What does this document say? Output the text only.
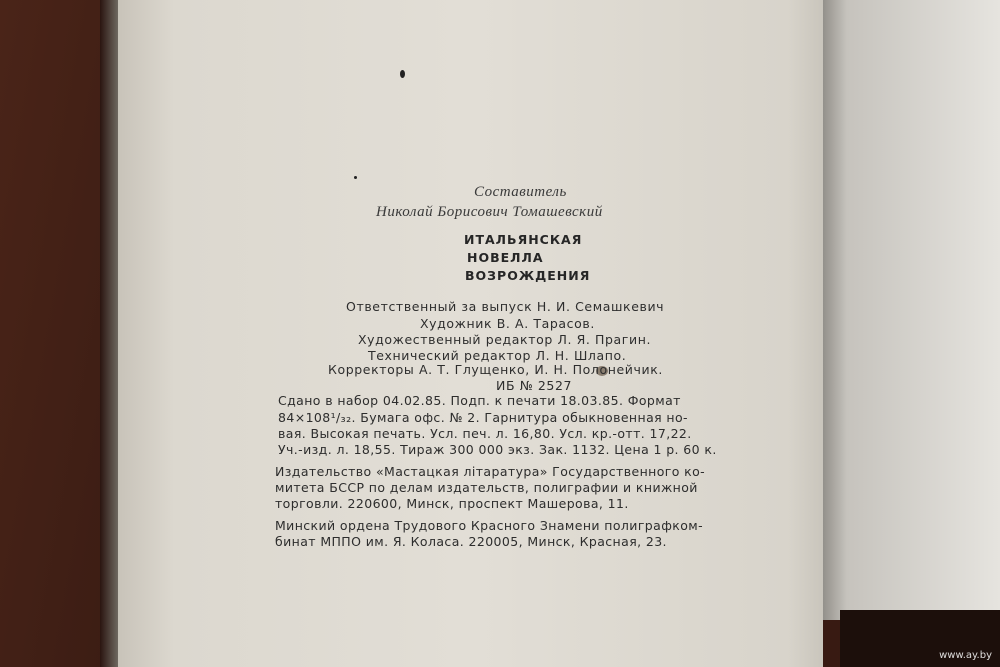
Составитель
Николай Борисович Томашевский
ИТАЛЬЯНСКАЯ
НОВЕЛЛА
ВОЗРОЖДЕНИЯ
Ответственный за выпуск Н. И. Семашкевич
Художник В. А. Тарасов.
Художественный редактор Л. Я. Прагин.
Технический редактор Л. Н. Шлапо.
Корректоры А. Т. Глущенко, И. Н. Полонейчик.
ИБ № 2527
Сдано в набор 04.02.85. Подп. к печати 18.03.85. Формат
84×108¹/₃₂. Бумага офс. № 2. Гарнитура обыкновенная но-
вая. Высокая печать. Усл. печ. л. 16,80. Усл. кр.-отт. 17,22.
Уч.-изд. л. 18,55. Тираж 300 000 экз. Зак. 1132. Цена 1 р. 60 к.
Издательство «Мастацкая літаратура» Государственного ко-
митета БССР по делам издательств, полиграфии и книжной
торговли. 220600, Минск, проспект Машерова, 11.
Минский ордена Трудового Красного Знамени полиграфком-
бинат МППО им. Я. Коласа. 220005, Минск, Красная, 23.
www.ay.by
